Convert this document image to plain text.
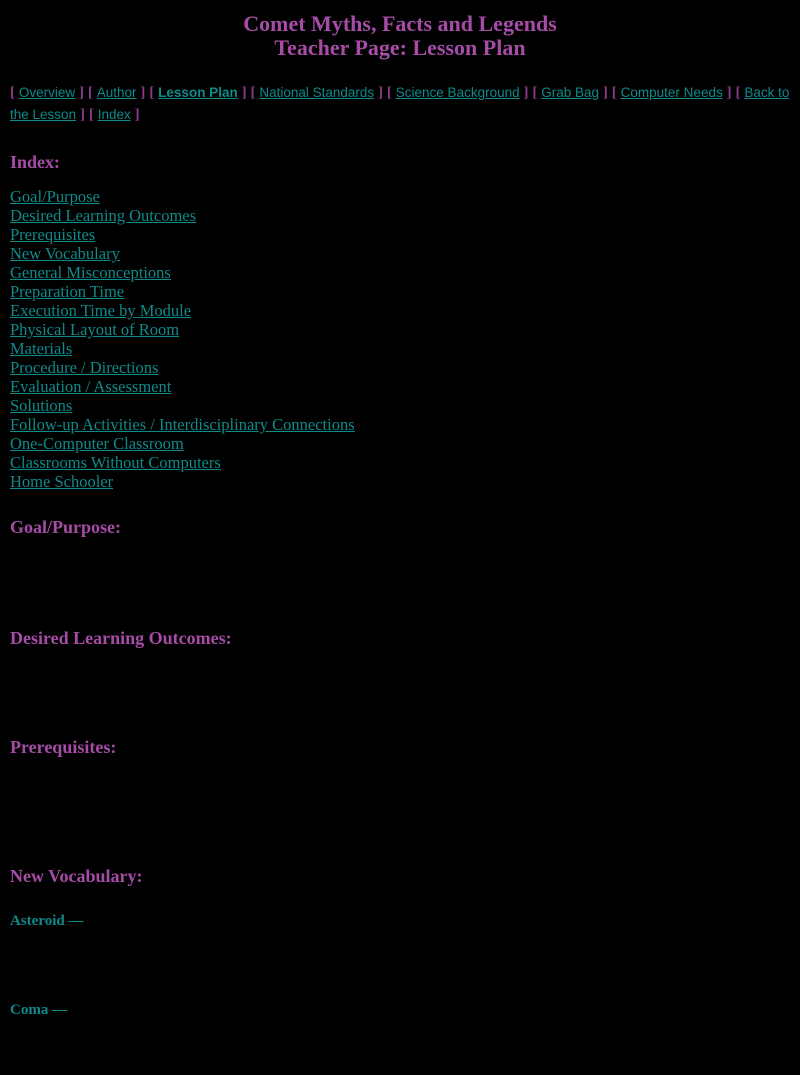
Comet Myths, Facts and Legends
Teacher Page: Lesson Plan
[ Overview ] [ Author ] [ Lesson Plan ] [ National Standards ] [ Science Background ] [ Grab Bag ] [ Computer Needs ] [ Back to the Lesson ] [ Index ]
Index:
Goal/Purpose
Desired Learning Outcomes
Prerequisites
New Vocabulary
General Misconceptions
Preparation Time
Execution Time by Module
Physical Layout of Room
Materials
Procedure / Directions
Evaluation / Assessment
Solutions
Follow-up Activities / Interdisciplinary Connections
One-Computer Classroom
Classrooms Without Computers
Home Schooler
Goal/Purpose:
Desired Learning Outcomes:
Prerequisites:
New Vocabulary:
Asteroid —
Coma —
